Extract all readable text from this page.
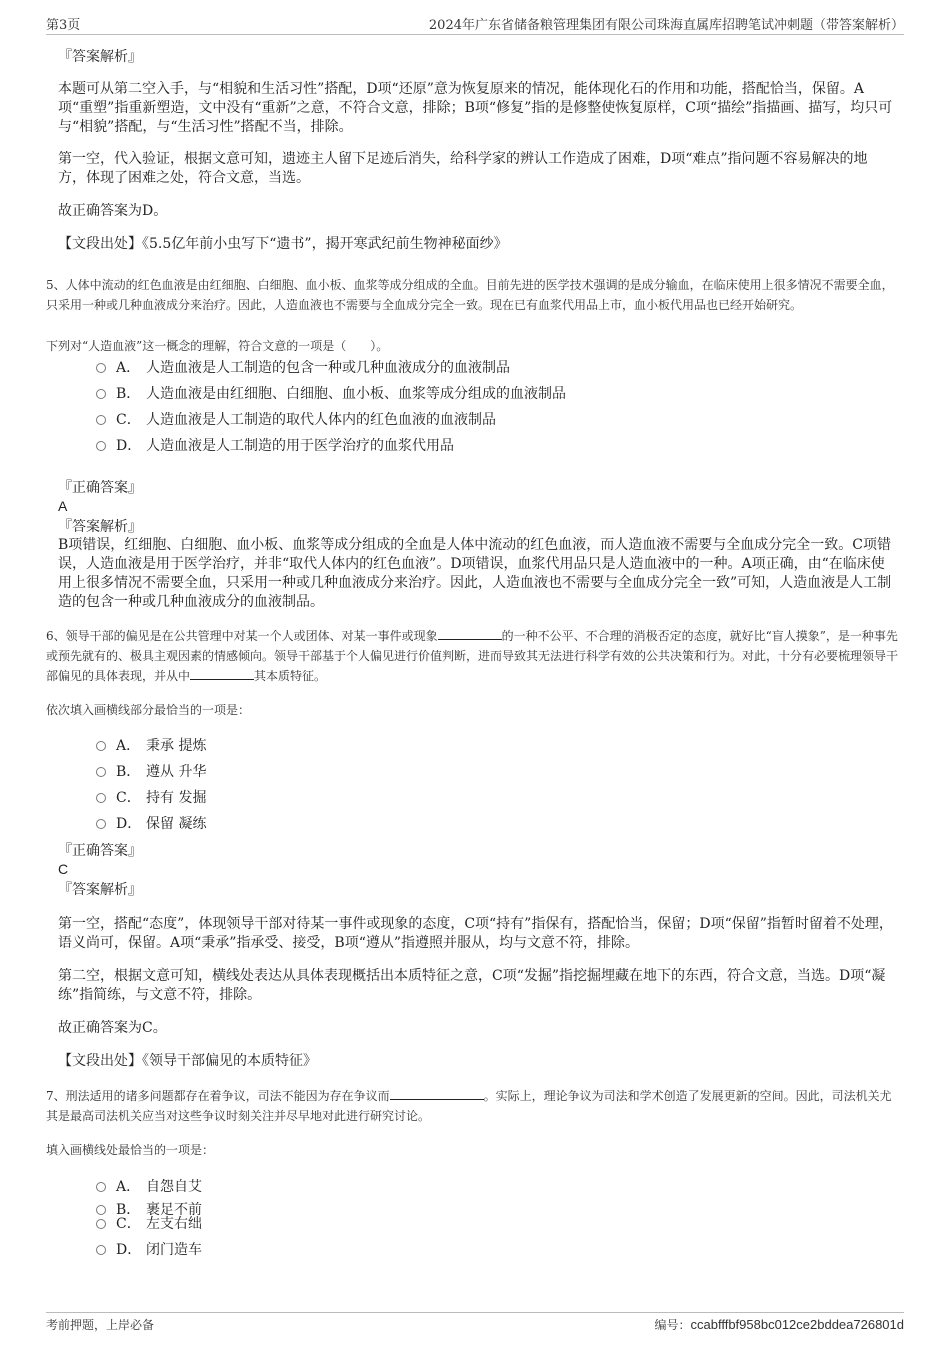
第3页	2024年广东省储备粮管理集团有限公司珠海直属库招聘笔试冲刺题（带答案解析）
『答案解析』
本题可从第二空入手，与“相貌和生活习性”搭配，D项“还原”意为恢复原来的情况，能体现化石的作用和功能，搭配恰当，保留。A项“重塑”指重新塑造，文中没有“重新”之意，不符合文意，排除；B项“修复”指的是修整使恢复原样，C项“描绘”指描画、描写，均只可与“相貌”搭配，与“生活习性”搭配不当，排除。
第一空，代入验证，根据文意可知，遗迹主人留下足迹后消失，给科学家的辨认工作造成了困难，D项“难点”指问题不容易解决的地方，体现了困难之处，符合文意，当选。
故正确答案为D。
【文段出处】《5.5亿年前小虫写下“遗书”，揭开寒武纪前生物神秘面纱》
5、人体中流动的红色血液是由红细胞、白细胞、血小板、血浆等成分组成的全血。目前先进的医学技术强调的是成分输血，在临床使用上很多情况不需要全血，只采用一种或几种血液成分来治疗。因此，人造血液也不需要与全血成分完全一致。现在已有血浆代用品上市，血小板代用品也已经开始研究。
下列对“人造血液”这一概念的理解，符合文意的一项是（　　）。
A． 人造血液是人工制造的包含一种或几种血液成分的血液制品
B． 人造血液是由红细胞、白细胞、血小板、血浆等成分组成的血液制品
C． 人造血液是人工制造的取代人体内的红色血液的血液制品
D． 人造血液是人工制造的用于医学治疗的血浆代用品
『正确答案』
A
『答案解析』
B项错误，红细胞、白细胞、血小板、血浆等成分组成的全血是人体中流动的红色血液，而人造血液不需要与全血成分完全一致。C项错误，人造血液是用于医学治疗，并非“取代人体内的红色血液”。D项错误，血浆代用品只是人造血液中的一种。A项正确，由“在临床使用上很多情况不需要全血，只采用一种或几种血液成分来治疗。因此，人造血液也不需要与全血成分完全一致”可知，人造血液是人工制造的包含一种或几种血液成分的血液制品。
6、领导干部的偏见是在公共管理中对某一个人或团体、对某一事件或现象	的一种不公平、不合理的消极否定的态度，就好比“盲人摸象”，是一种事先或预先就有的、极具主观因素的情感倾向。领导干部基于个人偏见进行价值判断，进而导致其无法进行科学有效的公共决策和行为。对此，十分有必要梳理领导干部偏见的具体表现，并从中	其本质特征。
依次填入画横线部分最恰当的一项是：
A． 秉承 提炼
B． 遵从 升华
C． 持有 发掘
D． 保留 凝练
『正确答案』
C
『答案解析』
第一空，搭配“态度”，体现领导干部对待某一事件或现象的态度，C项“持有”指保有，搭配恰当，保留；D项“保留”指暂时留着不处理，语义尚可，保留。A项“秉承”指承受、接受，B项“遵从”指遵照并服从，均与文意不符，排除。
第二空，根据文意可知，横线处表达从具体表现概括出本质特征之意，C项“发掘”指挖掘埋藏在地下的东西，符合文意，当选。D项“凝练”指简练，与文意不符，排除。
故正确答案为C。
【文段出处】《领导干部偏见的本质特征》
7、刑法适用的诸多问题都存在着争议，司法不能因为存在争议而	。实际上，理论争议为司法和学术创造了发展更新的空间。因此，司法机关尤其是最高司法机关应当对这些争议时刻关注并尽早地对此进行研究讨论。
填入画横线处最恰当的一项是：
A． 自怨自艾
B． 裹足不前
C． 左支右绌
D． 闭门造车
考前押题，上岸必备	编号：ccabfffbf958bc012ce2bddea726801d
